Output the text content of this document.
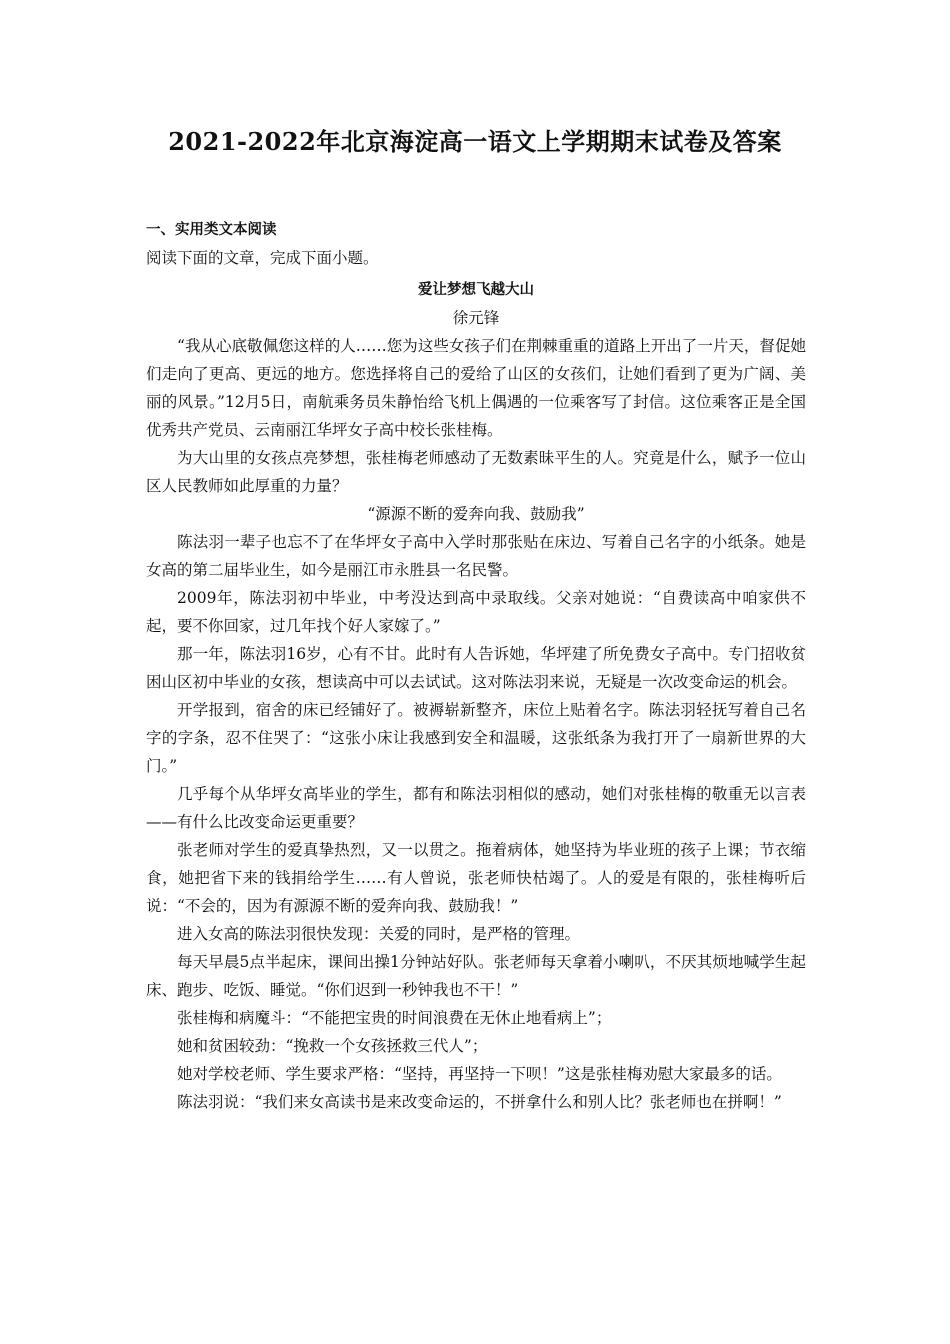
2021-2022年北京海淀高一语文上学期期末试卷及答案
一、实用类文本阅读
阅读下面的文章，完成下面小题。
爱让梦想飞越大山
徐元锋

“我从心底敬佩您这样的人……您为这些女孩子们在荆棘重重的道路上开出了一片天，督促她们走向了更高、更远的地方。您选择将自己的爱给了山区的女孩们，让她们看到了更为广阔、美丽的风景。”12月5日，南航乘务员朱静怡给飞机上偶遇的一位乘客写了封信。这位乘客正是全国优秀共产党员、云南丽江华坪女子高中校长张桂梅。

为大山里的女孩点亮梦想，张桂梅老师感动了无数素昧平生的人。究竟是什么，赋予一位山区人民教师如此厚重的力量？

“源源不断的爱奔向我、鼓励我”

陈法羽一辈子也忘不了在华坪女子高中入学时那张贴在床边、写着自己名字的小纸条。她是女高的第二届毕业生，如今是丽江市永胜县一名民警。

2009年，陈法羽初中毕业，中考没达到高中录取线。父亲对她说：“自费读高中咱家供不起，要不你回家，过几年找个好人家嫁了。”

那一年，陈法羽16岁，心有不甘。此时有人告诉她，华坪建了所免费女子高中。专门招收贫困山区初中毕业的女孩，想读高中可以去试试。这对陈法羽来说，无疑是一次改变命运的机会。

开学报到，宿舍的床已经铺好了。被褥崭新整齐，床位上贴着名字。陈法羽轻抚写着自己名字的字条，忍不住哭了：“这张小床让我感到安全和温暖，这张纸条为我打开了一扇新世界的大门。”

几乎每个从华坪女高毕业的学生，都有和陈法羽相似的感动，她们对张桂梅的敬重无以言表——有什么比改变命运更重要？

张老师对学生的爱真挚热烈，又一以贯之。拖着病体，她坚持为毕业班的孩子上课；节衣缩食，她把省下来的钱捐给学生……有人曾说，张老师快枯竭了。人的爱是有限的，张桂梅听后说：“不会的，因为有源源不断的爱奔向我、鼓励我！”

进入女高的陈法羽很快发现：关爱的同时，是严格的管理。

每天早晨5点半起床，课间出操1分钟站好队。张老师每天拿着小喇叭，不厌其烦地喊学生起床、跑步、吃饭、睡觉。“你们迟到一秒钟我也不干！”

张桂梅和病魔斗：“不能把宝贵的时间浪费在无休止地看病上”；

她和贫困较劲：“挽救一个女孩拯救三代人”；

她对学校老师、学生要求严格：“坚持，再坚持一下呗！”这是张桂梅劝慰大家最多的话。

陈法羽说：“我们来女高读书是来改变命运的，不拼拿什么和别人比？张老师也在拼啊！”
